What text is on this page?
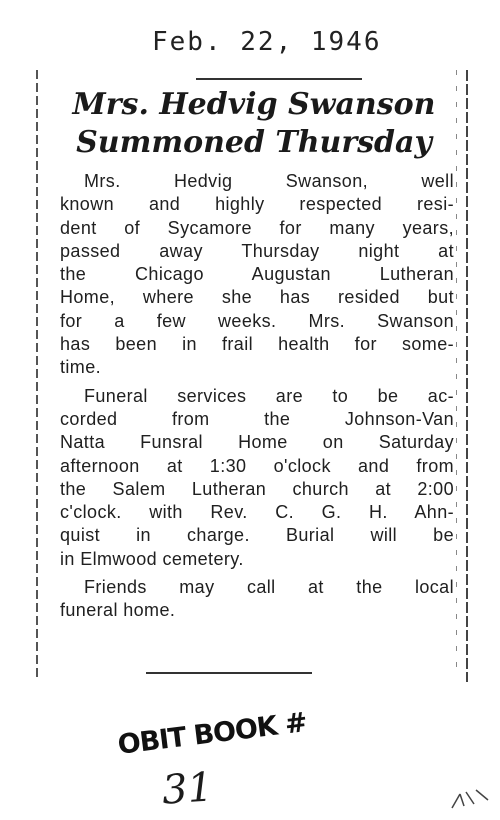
Feb. 22, 1946
Mrs. Hedvig Swanson
Summoned Thursday
Mrs. Hedvig Swanson, well
known and highly respected resi-
dent of Sycamore for many years,
passed away Thursday night at
the Chicago Augustan Lutheran
Home, where she has resided but
for a few weeks. Mrs. Swanson
has been in frail health for some-
time.
Funeral services are to be ac-
corded from the Johnson-Van
Natta Funsral Home on Saturday
afternoon at 1:30 o'clock and from
the Salem Lutheran church at 2:00
c'clock. with Rev. C. G. H. Ahn-
quist in charge. Burial will be
in Elmwood cemetery.
Friends may call at the local
funeral home.
OBIT BOOK #
31
